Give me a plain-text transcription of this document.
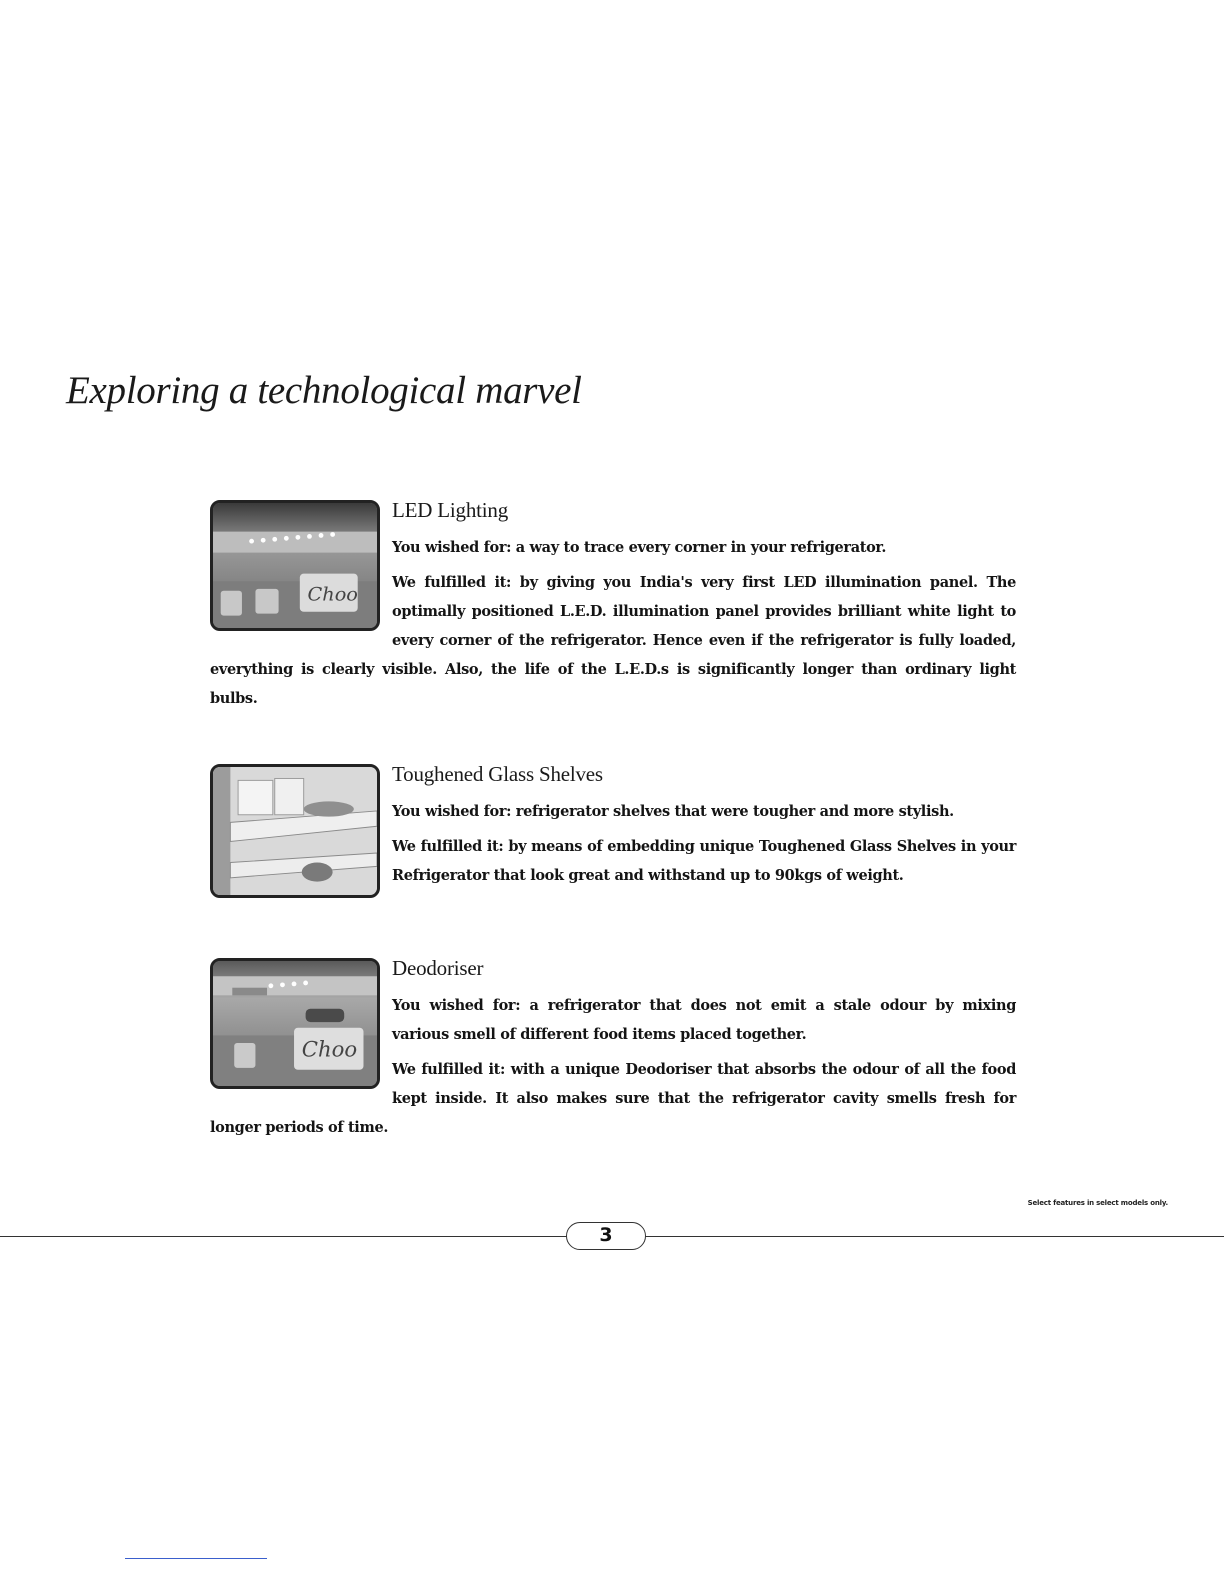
Exploring a technological marvel
Choo
LED Lighting

You wished for: a way to trace every corner in your refrigerator.

We fulfilled it: by giving you India's very first LED illumination panel. The optimally positioned L.E.D. illumination panel provides brilliant white light to every corner of the refrigerator. Hence even if the refrigerator is fully loaded, everything is clearly visible. Also, the life of the L.E.D.s is significantly longer than ordinary light bulbs.

Toughened Glass Shelves

You wished for: refrigerator shelves that were tougher and more stylish.

We fulfilled it: by means of embedding unique Toughened Glass Shelves in your Refrigerator that look great and withstand up to 90kgs of weight.

Choo
Deodoriser

You wished for: a refrigerator that does not emit a stale odour by mixing various smell of different food items placed together.

We fulfilled it: with a unique Deodoriser that absorbs the odour of all the food kept inside. It also makes sure that the refrigerator cavity smells fresh for longer periods of time.

Select features in select models only.
3
